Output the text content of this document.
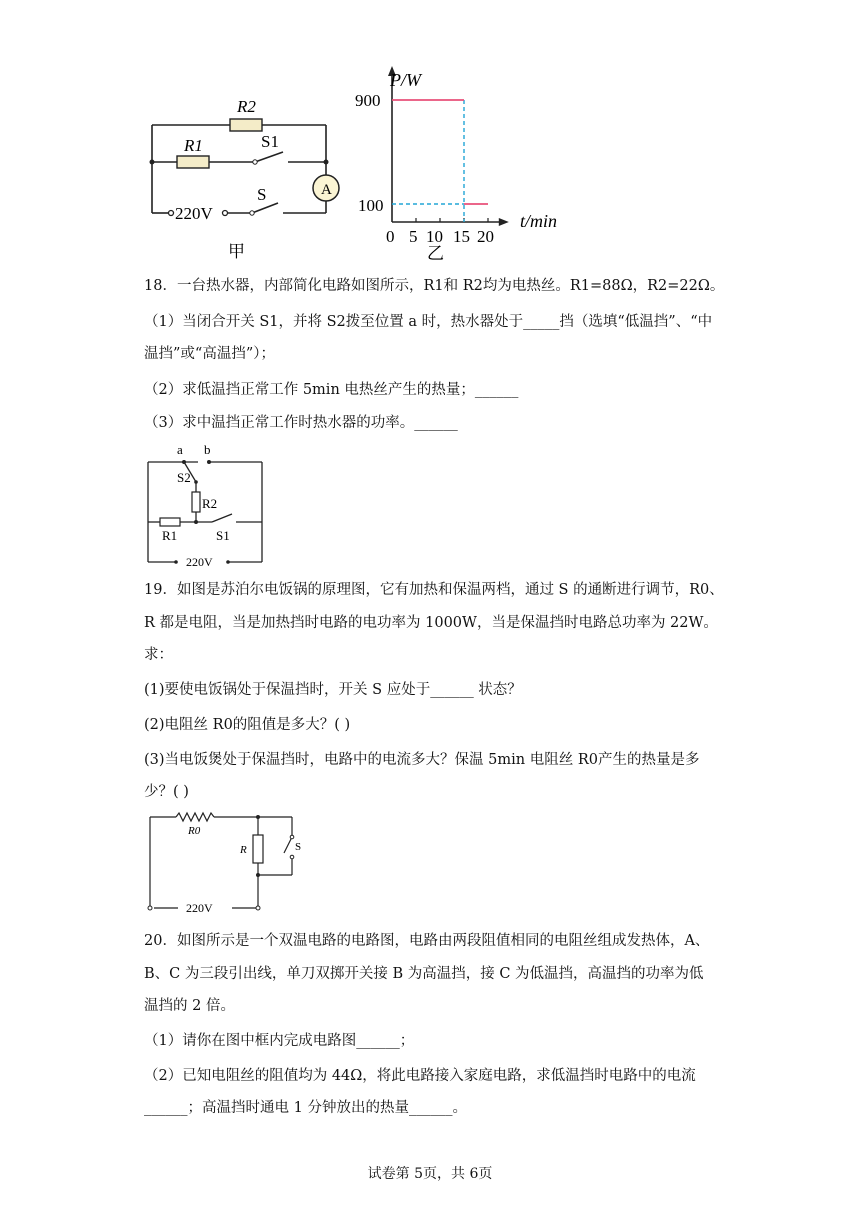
A
R2
R1	S1
S
220V
甲
P/W
t/min
900
100
0 5 10 15 20
乙
18．一台热水器，内部简化电路如图所示，R1和 R2均为电热丝。R1=88Ω，R2=22Ω。
（1）当闭合开关 S1，并将 S2拨至位置 a 时，热水器处于_____挡（选填“低温挡”、“中
温挡”或“高温挡”）；
（2）求低温挡正常工作 5min 电热丝产生的热量；______
（3）求中温挡正常工作时热水器的功率。______
a b
S2
R2
R1	S1
220V
19．如图是苏泊尔电饭锅的原理图，它有加热和保温两档，通过 S 的通断进行调节，R0、
R 都是电阻，当是加热挡时电路的电功率为 1000W，当是保温挡时电路总功率为 22W。
求：
(1)要使电饭锅处于保温挡时，开关 S 应处于______ 状态？
(2)电阻丝 R0的阻值是多大？( )
(3)当电饭煲处于保温挡时，电路中的电流多大？保温 5min 电阻丝 R0产生的热量是多
少？( )
R0
R	S
220V
20．如图所示是一个双温电路的电路图，电路由两段阻值相同的电阻丝组成发热体，A、
B、C 为三段引出线，单刀双掷开关接 B 为高温挡，接 C 为低温挡，高温挡的功率为低
温挡的 2 倍。
（1）请你在图中框内完成电路图______；
（2）已知电阻丝的阻值均为 44Ω，将此电路接入家庭电路，求低温挡时电路中的电流
______；高温挡时通电 1 分钟放出的热量______。
试卷第 5页，共 6页
